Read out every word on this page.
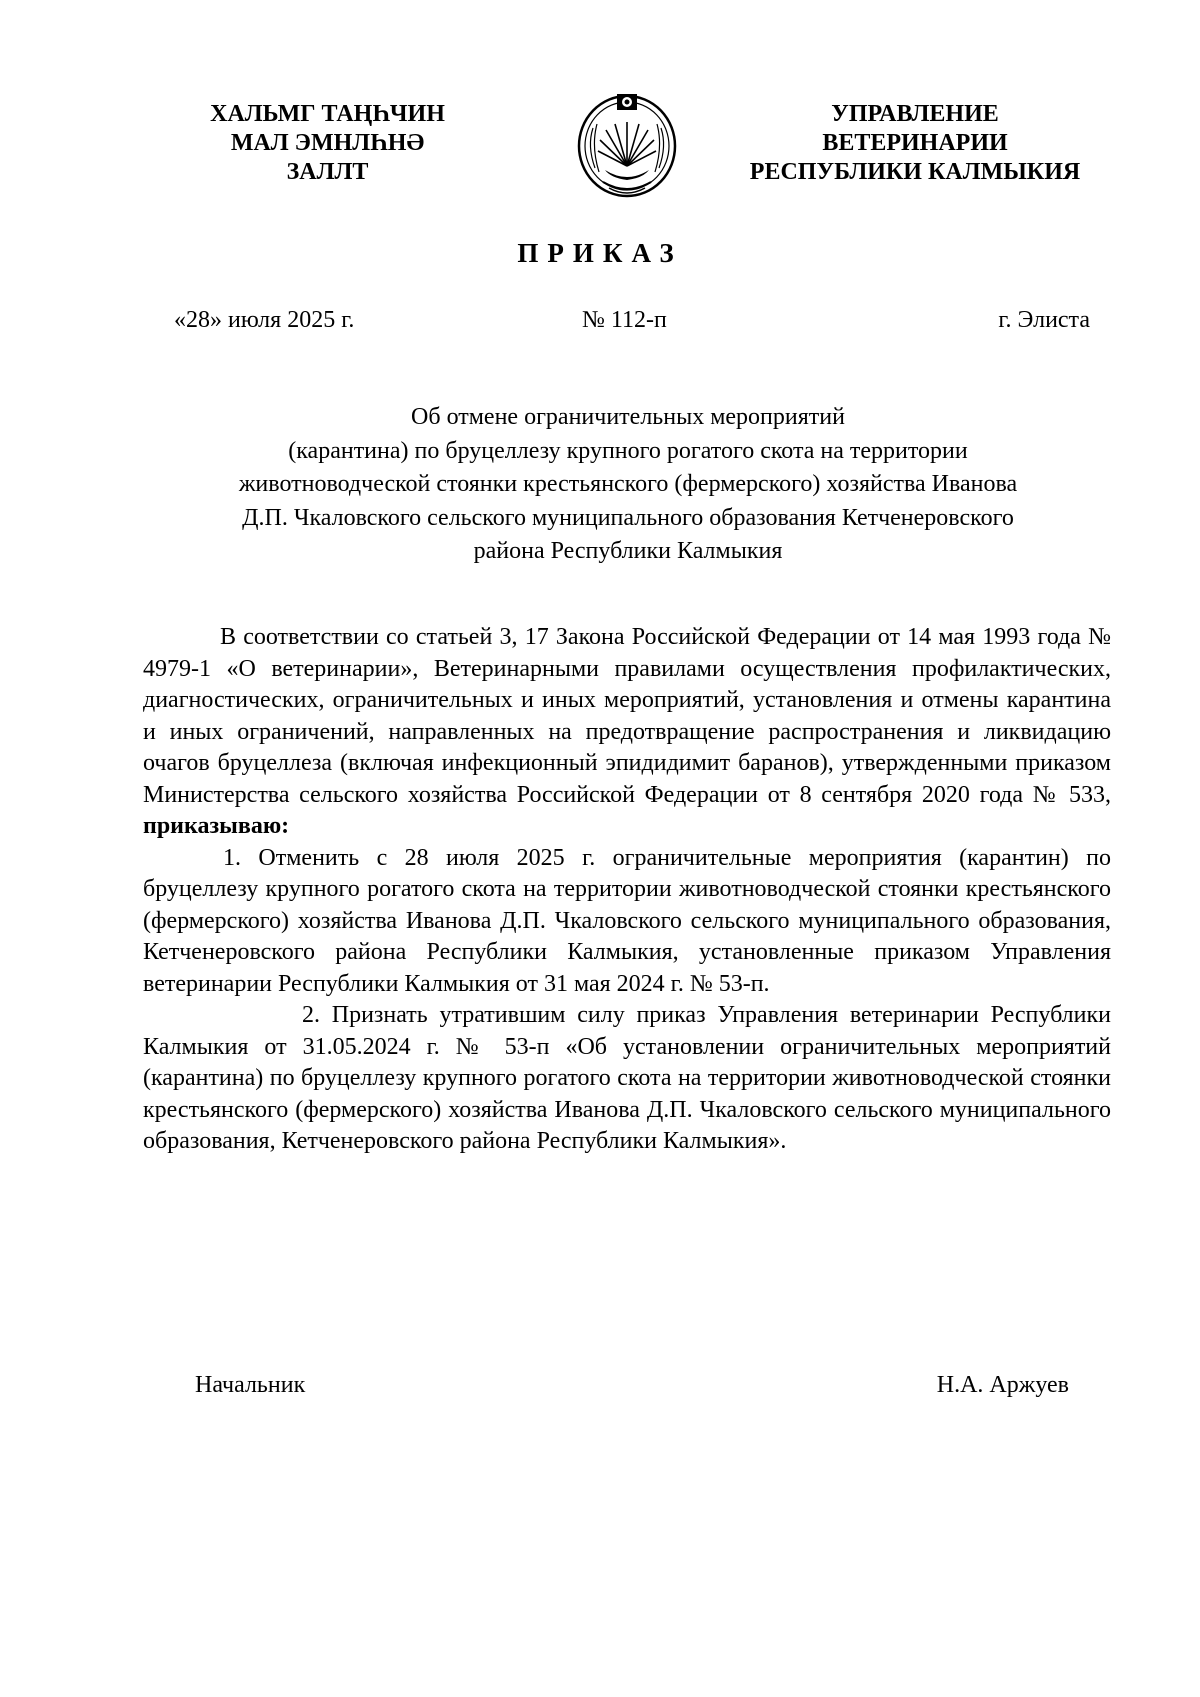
ХАЛЬМГ ТАҢҺЧИН
МАЛ ЭМНЛҺНӘ
ЗАЛЛТ
УПРАВЛЕНИЕ
ВЕТЕРИНАРИИ
РЕСПУБЛИКИ КАЛМЫКИЯ
ПРИКАЗ
«28» июля 2025 г.	№ 112-п	г. Элиста
Об отмене ограничительных мероприятий
(карантина) по бруцеллезу крупного рогатого скота на территории
животноводческой стоянки крестьянского (фермерского) хозяйства Иванова
Д.П. Чкаловского сельского муниципального образования Кетченеровского
района Республики Калмыкия

В соответствии со статьей 3, 17 Закона Российской Федерации от 14 мая 1993 года № 4979-1 «О ветеринарии», Ветеринарными правилами осуществления профилактических, диагностических, ограничительных и иных мероприятий, установления и отмены карантина и иных ограничений, направленных на предотвращение распространения и ликвидацию очагов бруцеллеза (включая инфекционный эпидидимит баранов), утвержденными приказом Министерства сельского хозяйства Российской Федерации от 8 сентября 2020 года № 533, приказываю:

1. Отменить с 28 июля 2025 г. ограничительные мероприятия (карантин) по бруцеллезу крупного рогатого скота на территории животноводческой стоянки крестьянского (фермерского) хозяйства Иванова Д.П. Чкаловского сельского муниципального образования, Кетченеровского района Республики Калмыкия, установленные приказом Управления ветеринарии Республики Калмыкия от 31 мая 2024 г. № 53-п.

2. Признать утратившим силу приказ Управления ветеринарии Республики Калмыкия от 31.05.2024 г. № 53-п «Об установлении ограничительных мероприятий (карантина) по бруцеллезу крупного рогатого скота на территории животноводческой стоянки крестьянского (фермерского) хозяйства Иванова Д.П. Чкаловского сельского муниципального образования, Кетченеровского района Республики Калмыкия».

Начальник	Н.А. Аржуев
